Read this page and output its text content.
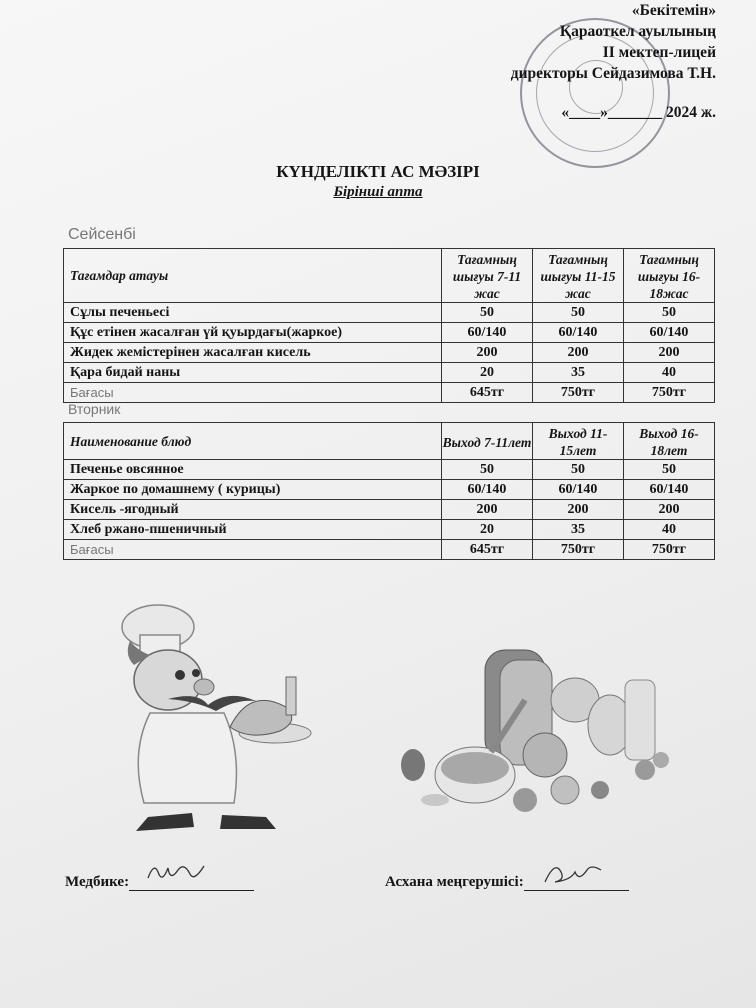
«Бекітемін»
Қараоткел ауылының
ІІ мектеп-лицей
директоры Сейдазимова Т.Н.
«____»_______ 2024 ж.
КҮНДЕЛІКТІ АС МӘЗІРІ
Бірінші апта
Сейсенбі
Тағамдар атауы	Тағамның шығуы 7-11 жас	Тағамның шығуы 11-15 жас	Тағамның шығуы 16-18жас
Сұлы печеньесі	50	50	50
Құс етінен жасалған үй қуырдағы(жаркое)	60/140	60/140	60/140
Жидек жемістерінен жасалған кисель	200	200	200
Қара бидай наны	20	35	40
Бағасы	645тг	750тг	750тг
Вторник
Наименование блюд	Выход 7-11лет	Выход 11-15лет	Выход 16-18лет
Печенье овсянное	50	50	50
Жаркое по домашнему ( курицы)	60/140	60/140	60/140
Кисель -ягодный	200	200	200
Хлеб ржано-пшеничный	20	35	40
Бағасы	645тг	750тг	750тг
Медбике:	Асхана меңгерушісі:
